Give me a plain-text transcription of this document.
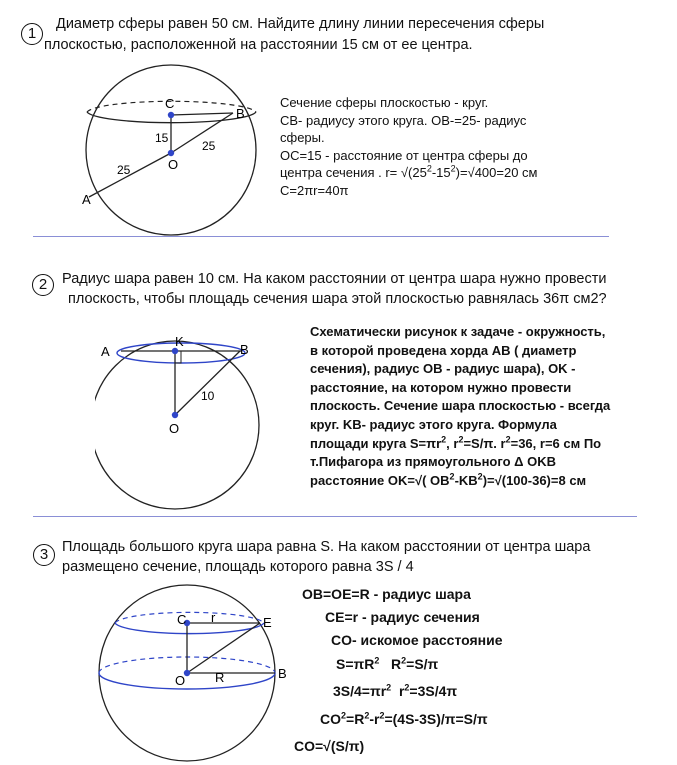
1
Диаметр сферы равен 50 см. Найдите длину линии пересечения сферы
плоскостью, расположенной на расстоянии 15 см от ее центра.
C
B
O
A
15
25
25
Сечение сферы плоскостью - круг.
CB- радиусу этого круга. OB-=25- радиус
сферы.
OC=15 - расстояние от центра сферы до
центра сечения . $r= √(25^2-15^2)=√400=20$ см
C=2πr=40π
2	Радиус шара равен 10 см. На каком расстоянии от центра шара нужно провести
плоскость, чтобы площадь сечения шара этой плоскостью равнялась 36π см2?
A
K
B
O
10
Схематически рисунок к задаче - окружность,
в которой проведена хорда AB ( диаметр
сечения), радиус OB - радиус шара), OK -
расстояние, на котором нужно провести
плоскость. Сечение шара плоскостью - всегда
круг. KB- радиус этого круга. Формула
площади круга $S=\pi r^2$, $r^2=S/\pi$. $r^2=36$, r=6 см По
т.Пифагора из прямоугольного Δ OKB
расстояние OK=√( $OB^2-KB^2)=√(100-36)=8$ см
3 Площадь большого круга шара равна S. На каком расстоянии от центра шара
размещено сечение, площадь которого равна 3S / 4
C r	E
O R	B
OB=OE=R - радиус шара
CE=r - радиус сечения
CO- искомое расстояние
$S=\pi R^2$   $R^2=S/\pi$
$3S/4=\pi r^2$  $r^2=3S/4\pi$
$CO^2=R^2-r^2=(4S-3S)/\pi=S/\pi$
CO=√(S/π)
